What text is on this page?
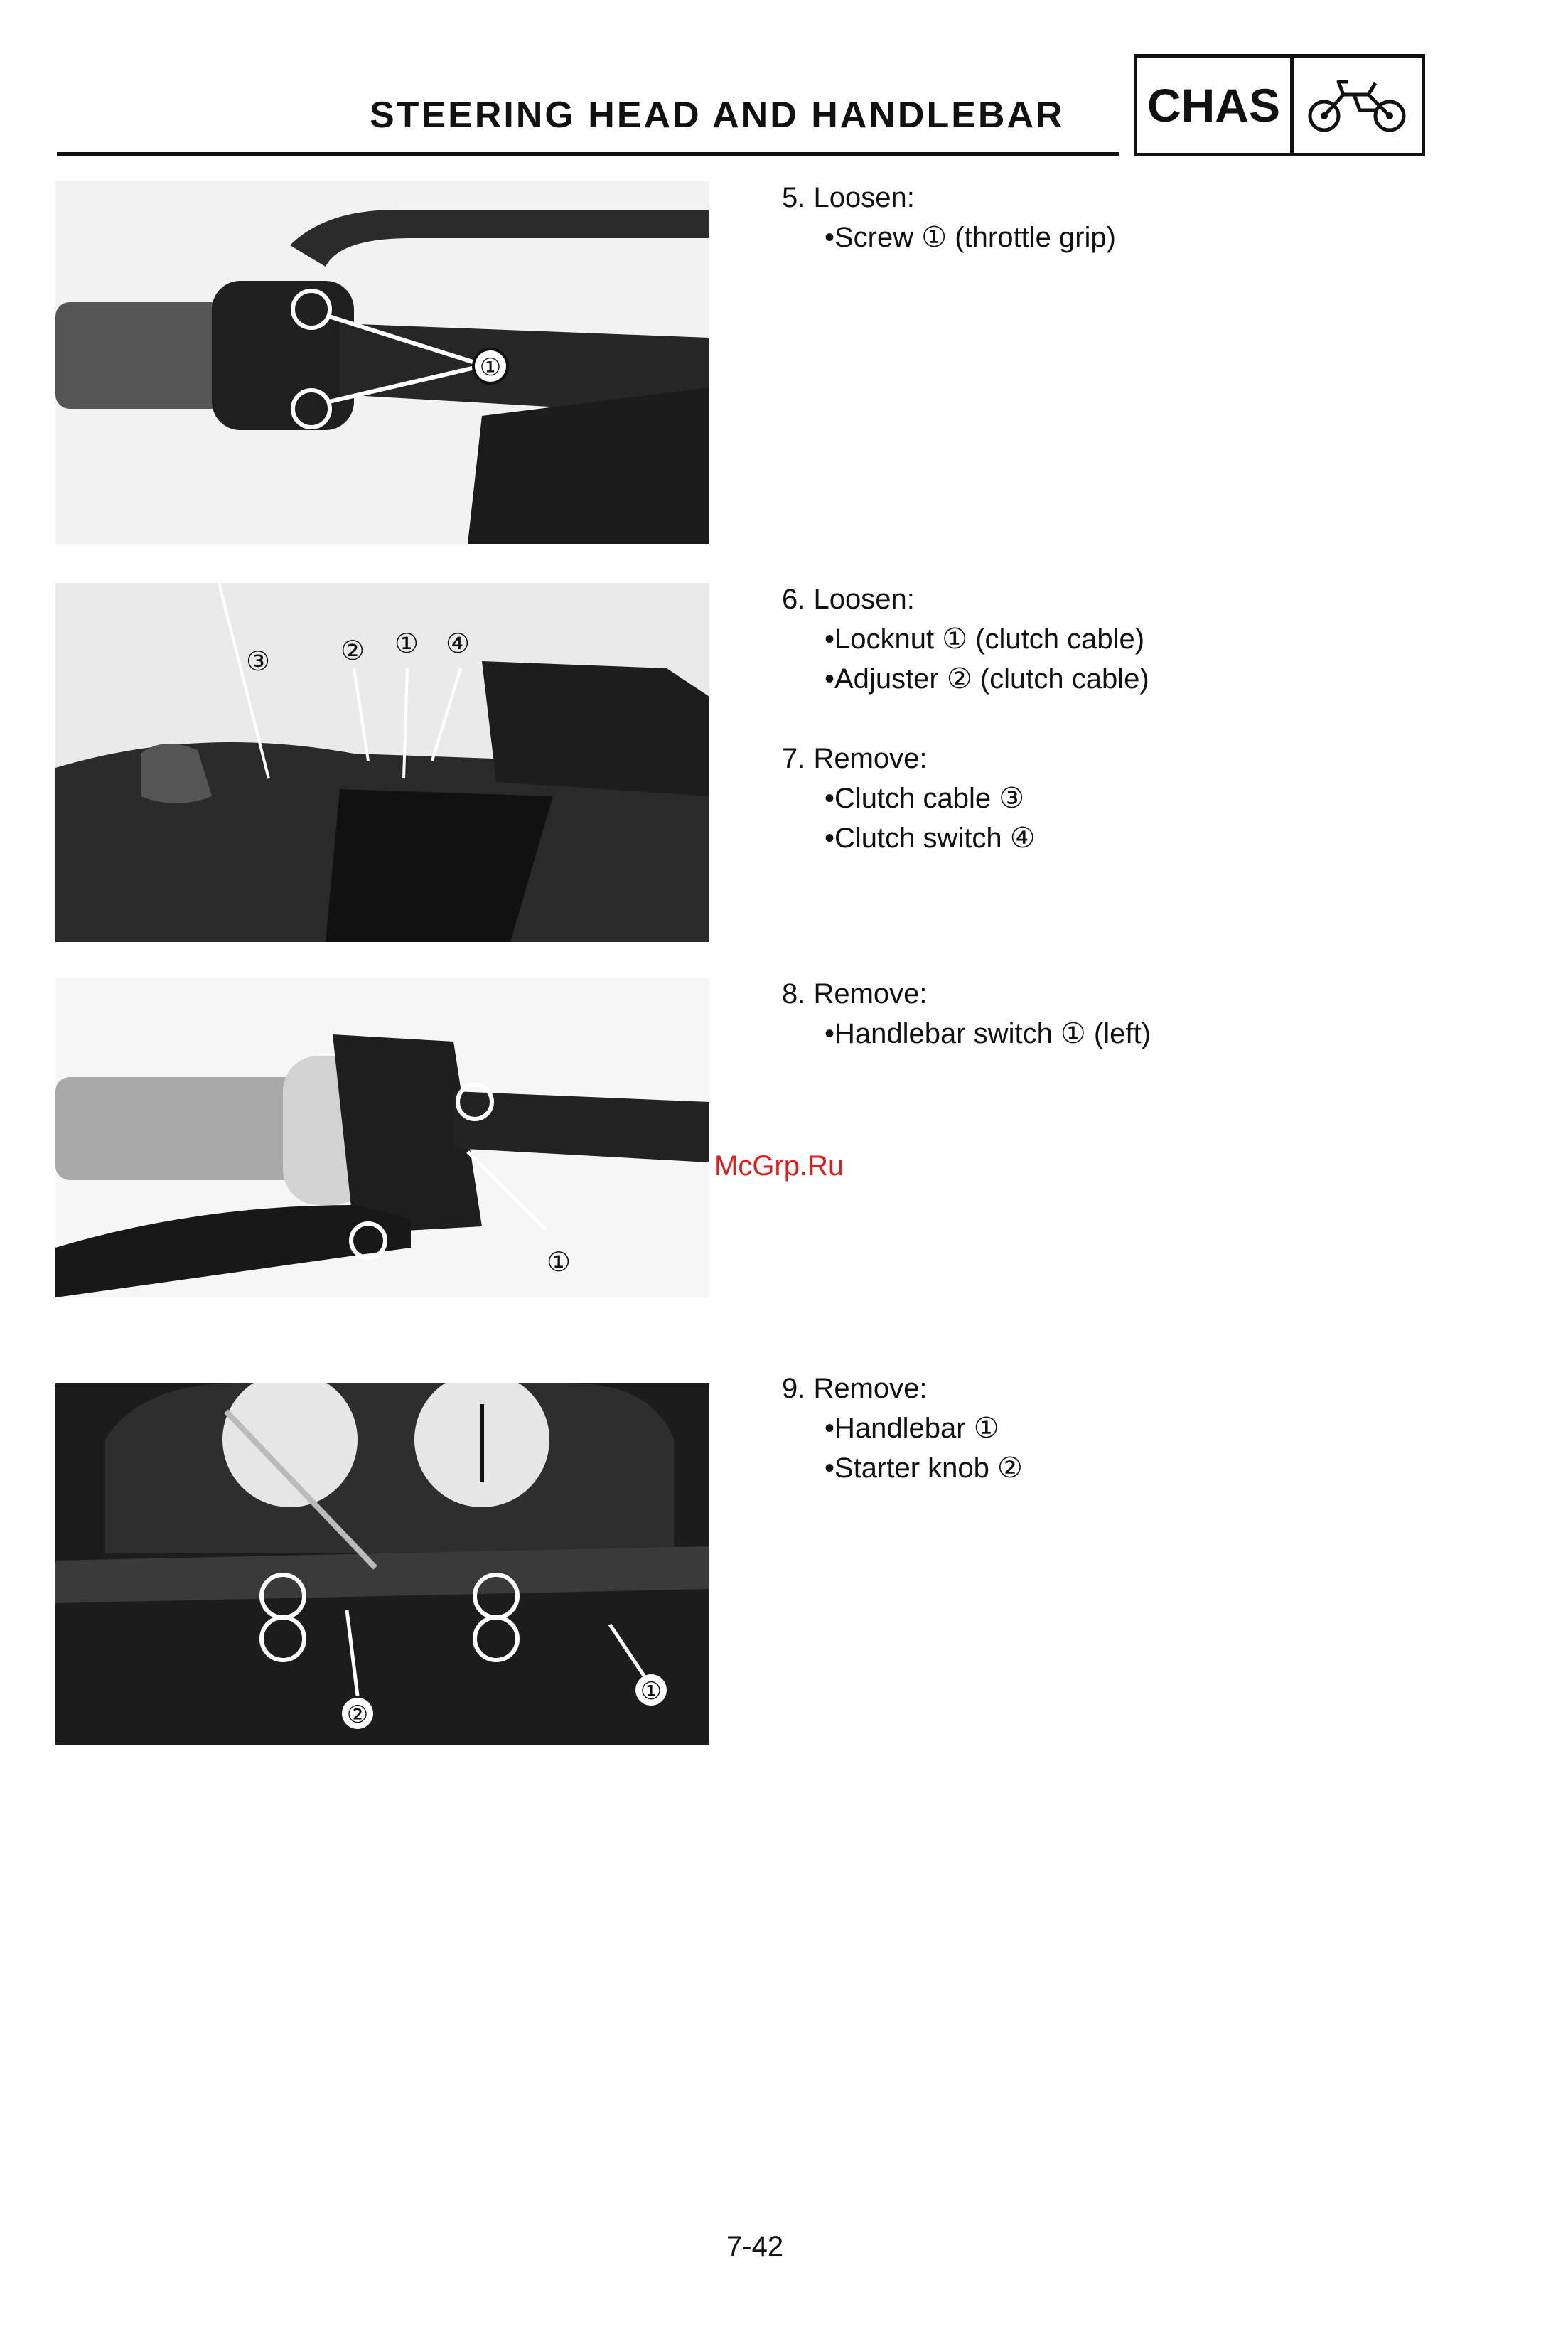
STEERING HEAD AND HANDLEBAR CHAS
①
③	② ① ④
①
②
①
5. Loosen:
•Screw ① (throttle grip)
6. Loosen:
•Locknut ① (clutch cable)
•Adjuster ② (clutch cable)
7. Remove:
•Clutch cable ③
•Clutch switch ④
8. Remove:
•Handlebar switch ① (left)
9. Remove:
•Handlebar ①
•Starter knob ②
McGrp.Ru
7-42
